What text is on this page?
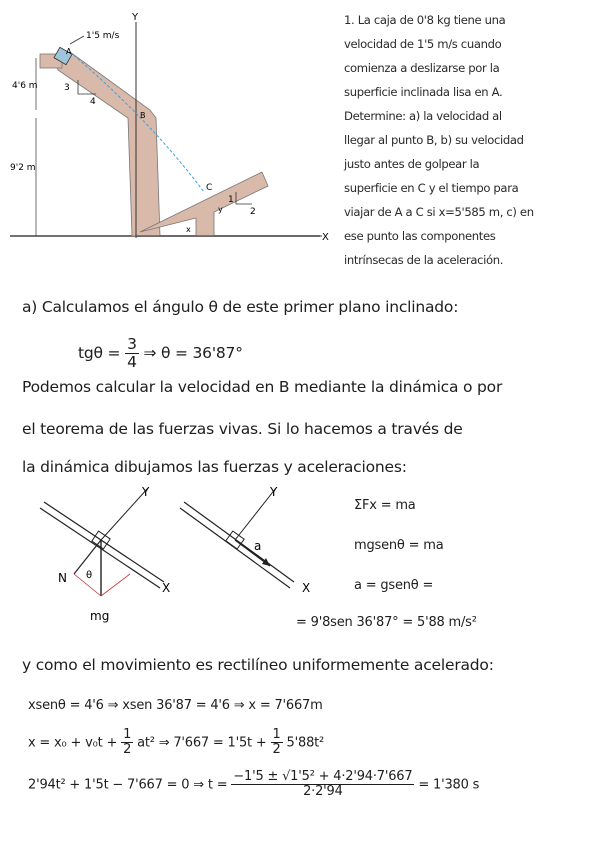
3
4
1
2
Y
X
1'5 m/s
A
B
C
4'6 m
9'2 m
x
y
1. La caja de 0'8 kg tiene una
velocidad de 1'5 m/s cuando
comienza a deslizarse por la
superficie inclinada lisa en A.
Determine: a) la velocidad al
llegar al punto B, b) su velocidad
justo antes de golpear la
superficie en C y el tiempo para
viajar de A a C si x=5'585 m, c) en
ese punto las componentes
intrínsecas de la aceleración.
a) Calculamos el ángulo θ de este primer plano inclinado:
$tg\theta = \frac{3}{4}$ ⇒ θ = 36'87°
Podemos calcular la velocidad en B mediante la dinámica o por
el teorema de las fuerzas vivas. Si lo hacemos a través de
la dinámica dibujamos las fuerzas y aceleraciones:
Y
N
mg
θ
X
Y
a
X
ΣFx = ma
mgsenθ = ma
a = gsenθ =
= 9'8sen 36'87° = 5'88 m/s²
y como el movimiento es rectilíneo uniformemente acelerado:
xsenθ = 4'6 ⇒ xsen 36'87 = 4'6 ⇒ x = 7'667m
$x = x_0 + v_0t + \frac{1}{2} at^2$ ⇒ $7'667 = 1'5t + \frac{1}{2} 5'88t^2$
2'94t² + 1'5t − 7'667 = 0 ⇒ $t = \frac{\text{−1'5 ± √1'5² + 4·2'94·7'667}}{2\cdot 2'94} = 1'380$ s
